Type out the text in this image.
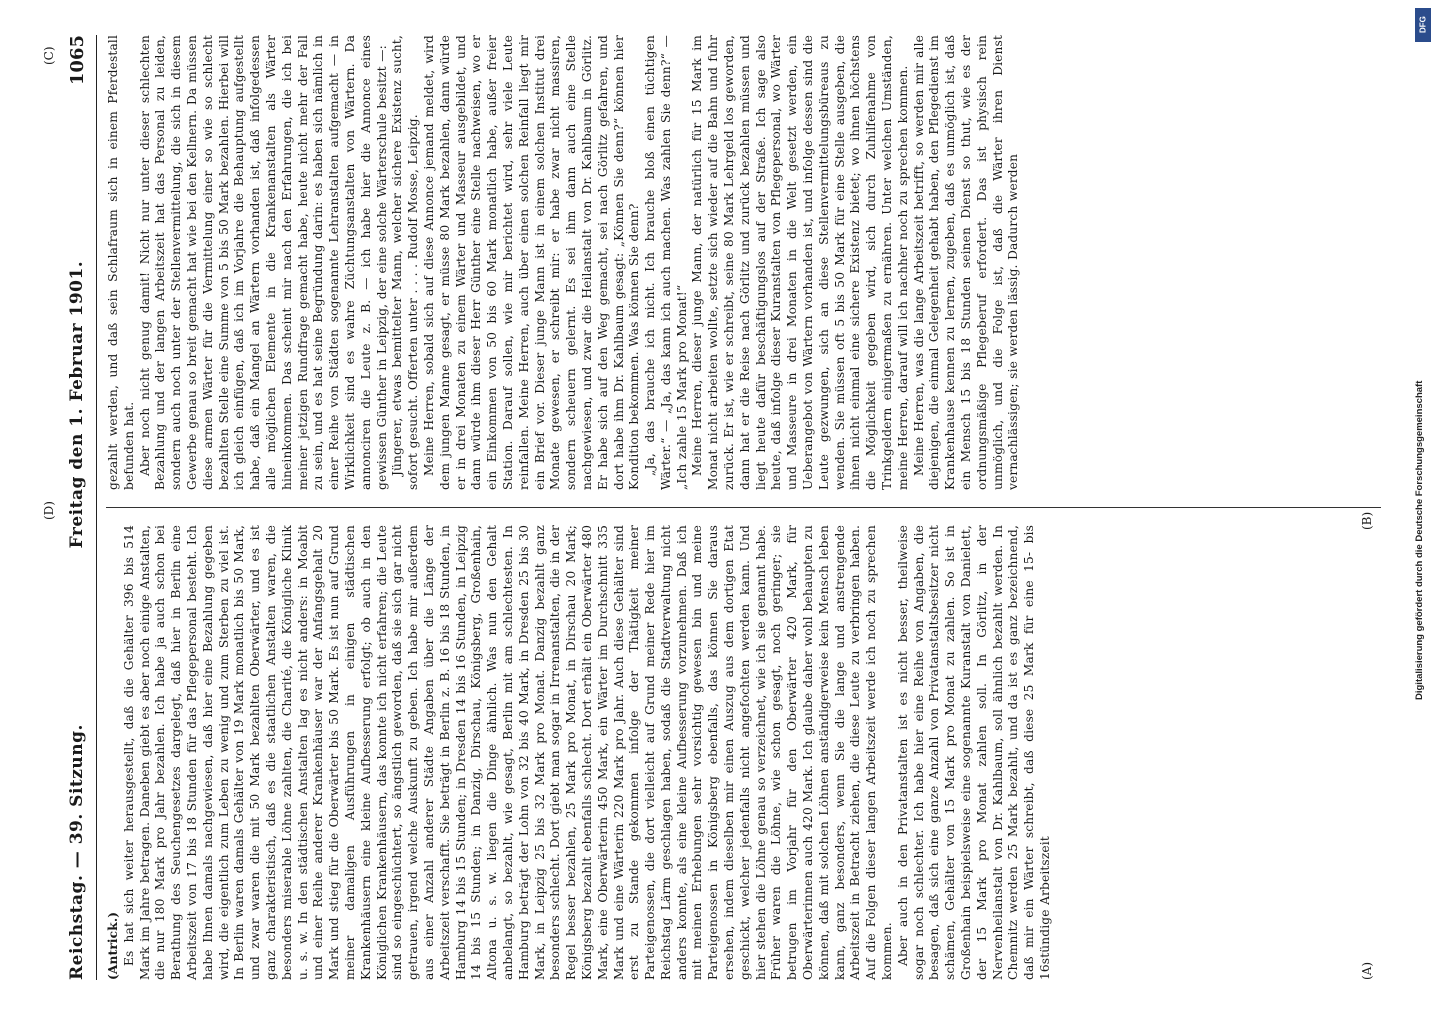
Reichstag. — 39. Sitzung.
Freitag den 1. Februar 1901.
1065

(Antrick.) Es hat sich weiter herausgestellt, daß die Gehälter 396 bis 514 Mark im Jahre betragen. Daneben giebt es aber noch einige Anstalten, die nur 180 Mark pro Jahr bezahlen. Ich habe ja auch schon bei Berathung des Seuchengesetzes dargelegt, daß hier in Berlin eine Arbeitszeit von 17 bis 18 Stunden für das Pflegepersonal besteht. Ich habe Ihnen damals nachgewiesen, daß hier eine Bezahlung gegeben wird, die eigentlich zum Leben zu wenig und zum Sterben zu viel ist. In Berlin waren damals Gehälter von 19 Mark monatlich bis 50 Mark, und zwar waren die mit 50 Mark bezahlten Oberwärter, und es ist ganz charakteristisch, daß es die staatlichen Anstalten waren, die besonders miserable Löhne zahlten, die Charité, die Königliche Klinik u. s. w. In den städtischen Anstalten lag es nicht anders: in Moabit und einer Reihe anderer Krankenhäuser war der Anfangsgehalt 20 Mark und stieg für die Oberwärter bis 50 Mark. Es ist nun auf Grund meiner damaligen Ausführungen in einigen städtischen Krankenhäusern eine kleine Aufbesserung erfolgt; ob auch in den Königlichen Krankenhäusern, das konnte ich nicht erfahren; die Leute sind so eingeschüchtert, so ängstlich geworden, daß sie sich gar nicht getrauen, irgend welche Auskunft zu geben. Ich habe mir außerdem aus einer Anzahl anderer Städte Angaben über die Länge der Arbeitszeit verschafft. Sie beträgt in Berlin z. B. 16 bis 18 Stunden, in Hamburg 14 bis 15 Stunden; in Dresden 14 bis 16 Stunden, in Leipzig 14 bis 15 Stunden; in Danzig, Dirschau, Königsberg, Großenhain, Altona u. s. w. liegen die Dinge ähnlich. Was nun den Gehalt anbelangt, so bezahlt, wie gesagt, Berlin mit am schlechtesten. In Hamburg beträgt der Lohn von 32 bis 40 Mark, in Dresden 25 bis 30 Mark, in Leipzig 25 bis 32 Mark pro Monat. Danzig bezahlt ganz besonders schlecht. Dort giebt man sogar in Irrenanstalten, die in der Regel besser bezahlen, 25 Mark pro Monat, in Dirschau 20 Mark; Königsberg bezahlt ebenfalls schlecht. Dort erhält ein Oberwärter 480 Mark, eine Oberwärterin 450 Mark, ein Wärter im Durchschnitt 335 Mark und eine Wärterin 220 Mark pro Jahr. Auch diese Gehälter sind erst zu Stande gekommen infolge der Thätigkeit meiner Parteigenossen, die dort vielleicht auf Grund meiner Rede hier im Reichstag Lärm geschlagen haben, sodaß die Stadtverwaltung nicht anders konnte, als eine kleine Aufbesserung vorzunehmen. Daß ich mit meinen Erhebungen sehr vorsichtig gewesen bin und meine Parteigenossen in Königsberg ebenfalls, das können Sie daraus ersehen, indem dieselben mir einen Auszug aus dem dortigen Etat geschickt, welcher jedenfalls nicht angefochten werden kann. Und hier stehen die Löhne genau so verzeichnet, wie ich sie genannt habe. Früher waren die Löhne, wie schon gesagt, noch geringer; sie betrugen im Vorjahr für den Oberwärter 420 Mark, für Oberwärterinnen auch 420 Mark. Ich glaube daher wohl behaupten zu können, daß mit solchen Löhnen anständigerweise kein Mensch leben kann, ganz besonders, wenn Sie die lange und anstrengende Arbeitszeit in Betracht ziehen, die diese Leute zu verbringen haben. Auf die Folgen dieser langen Arbeitszeit werde ich noch zu sprechen kommen. Aber auch in den Privatanstalten ist es nicht besser, theilweise sogar noch schlechter. Ich habe hier eine Reihe von Angaben, die besagen, daß sich eine ganze Anzahl von Privatanstaltsbesitzer nicht schämen, Gehälter von 15 Mark pro Monat zu zahlen. So ist in Großenhain beispielsweise eine sogenannte Kuranstalt von Danielett, der 15 Mark pro Monat zahlen soll. In Görlitz, in der Nervenheilanstalt von Dr. Kahlbaum, soll ähnlich bezahlt werden. In Chemnitz werden 25 Mark bezahlt, und da ist es ganz bezeichnend, daß mir ein Wärter schreibt, daß diese 25 Mark für eine 15- bis 16stündige Arbeitszeit

gezahlt werden, und daß sein Schlafraum sich in einem Pferdestall befunden hat. Aber noch nicht genug damit! Nicht nur unter dieser schlechten Bezahlung und der langen Arbeitszeit hat das Personal zu leiden, sondern auch noch unter der Stellenvermittelung, die sich in diesem Gewerbe genau so breit gemacht hat wie bei den Kellnern. Da müssen diese armen Wärter für die Vermittelung einer so wie so schlecht bezahlten Stelle eine Summe von 5 bis 50 Mark bezahlen. Hierbei will ich gleich einfügen, daß ich im Vorjahre die Behauptung aufgestellt habe, daß ein Mangel an Wärtern vorhanden ist, daß infolgedessen alle möglichen Elemente in die Krankenanstalten als Wärter hineinkommen. Das scheint mir nach den Erfahrungen, die ich bei meiner jetzigen Rundfrage gemacht habe, heute nicht mehr der Fall zu sein, und es hat seine Begründung darin: es haben sich nämlich in einer Reihe von Städten sogenannte Lehranstalten aufgemacht — in Wirklichkeit sind es wahre Züchtungsanstalten von Wärtern. Da annonciren die Leute z. B. — ich habe hier die Annonce eines gewissen Günther in Leipzig, der eine solche Wärterschule besitzt —: Jüngerer, etwas bemittelter Mann, welcher sichere Existenz sucht, sofort gesucht. Offerten unter . . . . Rudolf Mosse, Leipzig. Meine Herren, sobald sich auf diese Annonce jemand meldet, wird dem jungen Manne gesagt, er müsse 80 Mark bezahlen, dann würde er in drei Monaten zu einem Wärter und Masseur ausgebildet, und dann würde ihm dieser Herr Günther eine Stelle nachweisen, wo er ein Einkommen von 50 bis 60 Mark monatlich habe, außer freier Station. Darauf sollen, wie mir berichtet wird, sehr viele Leute reinfallen. Meine Herren, auch über einen solchen Reinfall liegt mir ein Brief vor. Dieser junge Mann ist in einem solchen Institut drei Monate gewesen, er schreibt mir: er habe zwar nicht massiren, sondern scheuern gelernt. Es sei ihm dann auch eine Stelle nachgewiesen, und zwar die Heilanstalt von Dr. Kahlbaum in Görlitz. Er habe sich auf den Weg gemacht, sei nach Görlitz gefahren, und dort habe ihm Dr. Kahlbaum gesagt: „Können Sie denn?“ können hier Kondition bekommen. Was können Sie denn? „Ja, das brauche ich nicht. Ich brauche bloß einen tüchtigen Wärter.“ — „Ja, das kann ich auch machen. Was zahlen Sie denn?“ — „Ich zahle 15 Mark pro Monat!“ Meine Herren, dieser junge Mann, der natürlich für 15 Mark im Monat nicht arbeiten wollte, setzte sich wieder auf die Bahn und fuhr zurück. Er ist, wie er schreibt, seine 80 Mark Lehrgeld los geworden, dann hat er die Reise nach Görlitz und zurück bezahlen müssen und liegt heute dafür beschäftigungslos auf der Straße. Ich sage also heute, daß infolge dieser Kuranstalten von Pflegepersonal, wo Wärter und Masseure in drei Monaten in die Welt gesetzt werden, ein Ueberangebot von Wärtern vorhanden ist, und infolge dessen sind die Leute gezwungen, sich an diese Stellenvermittelungsbüreaus zu wenden. Sie müssen oft 5 bis 50 Mark für eine Stelle ausgeben, die ihnen nicht einmal eine sichere Existenz bietet; wo ihnen höchstens die Möglichkeit gegeben wird, sich durch Zuhilfenahme von Trinkgeldern einigermaßen zu ernähren. Unter welchen Umständen, meine Herren, darauf will ich nachher noch zu sprechen kommen. Meine Herren, was die lange Arbeitszeit betrifft, so werden mir alle diejenigen, die einmal Gelegenheit gehabt haben, den Pflegedienst im Krankenhause kennen zu lernen, zugeben, daß es unmöglich ist, daß ein Mensch 15 bis 18 Stunden seinen Dienst so thut, wie es der ordnungsmäßige Pflegeberuf erfordert. Das ist physisch rein unmöglich, und die Folge ist, daß die Wärter ihren Dienst vernachlässigen; sie werden lässig. Dadurch werden

(A)
(B)
(C)
(D)
DFG
Digitalisierung gefördert durch die Deutsche Forschungsgemeinschaft
